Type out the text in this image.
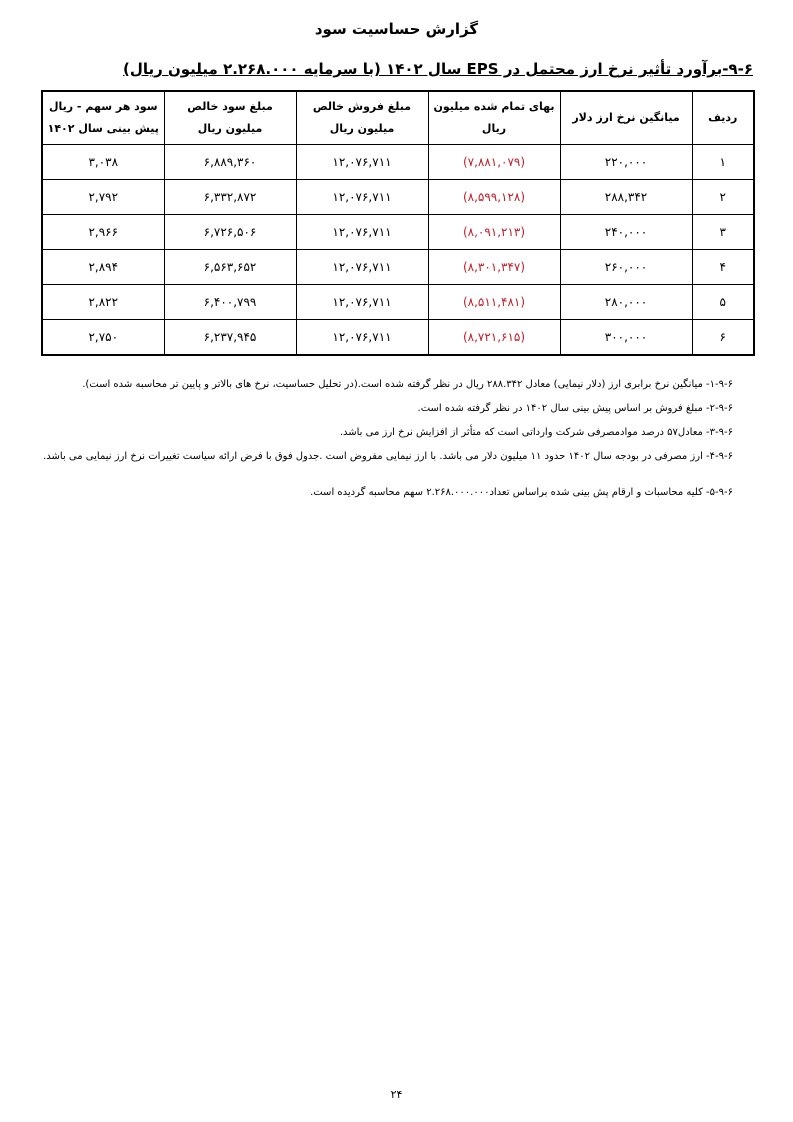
گزارش حساسیت سود
۹-۶-برآورد تأثیر نرخ ارز محتمل در EPS سال ۱۴۰۲ (با سرمایه ۲.۲۶۸.۰۰۰ میلیون ریال)
ردیف	میانگین نرخ ارز دلار	بهای تمام شده میلیون ریال	مبلغ فروش خالص میلیون ریال	مبلغ سود خالص میلیون ریال	سود هر سهم - ریال پیش بینی سال ۱۴۰۲
۱	۲۲۰,۰۰۰	(۷,۸۸۱,۰۷۹)	۱۲,۰۷۶,۷۱۱	۶,۸۸۹,۳۶۰	۳,۰۳۸
۲	۲۸۸,۳۴۲	(۸,۵۹۹,۱۲۸)	۱۲,۰۷۶,۷۱۱	۶,۳۳۲,۸۷۲	۲,۷۹۲
۳	۲۴۰,۰۰۰	(۸,۰۹۱,۲۱۳)	۱۲,۰۷۶,۷۱۱	۶,۷۲۶,۵۰۶	۲,۹۶۶
۴	۲۶۰,۰۰۰	(۸,۳۰۱,۳۴۷)	۱۲,۰۷۶,۷۱۱	۶,۵۶۳,۶۵۲	۲,۸۹۴
۵	۲۸۰,۰۰۰	(۸,۵۱۱,۴۸۱)	۱۲,۰۷۶,۷۱۱	۶,۴۰۰,۷۹۹	۲,۸۲۲
۶	۳۰۰,۰۰۰	(۸,۷۲۱,۶۱۵)	۱۲,۰۷۶,۷۱۱	۶,۲۳۷,۹۴۵	۲,۷۵۰

۱-۹-۶- میانگین نرخ برابری ارز (دلار نیمایی) معادل ۲۸۸.۳۴۲ ریال در نظر گرفته شده است.(در تحلیل حساسیت، نرخ های بالاتر و پایین تر محاسبه شده است).

۲-۹-۶- مبلغ فروش بر اساس پیش بینی سال ۱۴۰۲ در نظر گرفته شده است.

۳-۹-۶- معادل۵۷ درصد موادمصرفی شرکت وارداتی است که متأثر از افزایش نرخ ارز می باشد.

۴-۹-۶- ارز مصرفی در بودجه سال ۱۴۰۲ حدود ۱۱ میلیون دلار می باشد. با ارز نیمایی مفروض است .جدول فوق با فرض ارائه سیاست تغییرات نرخ ارز نیمایی می باشد.

۵-۹-۶- کلیه محاسبات و ارقام پش بینی شده براساس تعداد۲.۲۶۸.۰۰۰.۰۰۰ سهم محاسبه گردیده است.

۲۴
